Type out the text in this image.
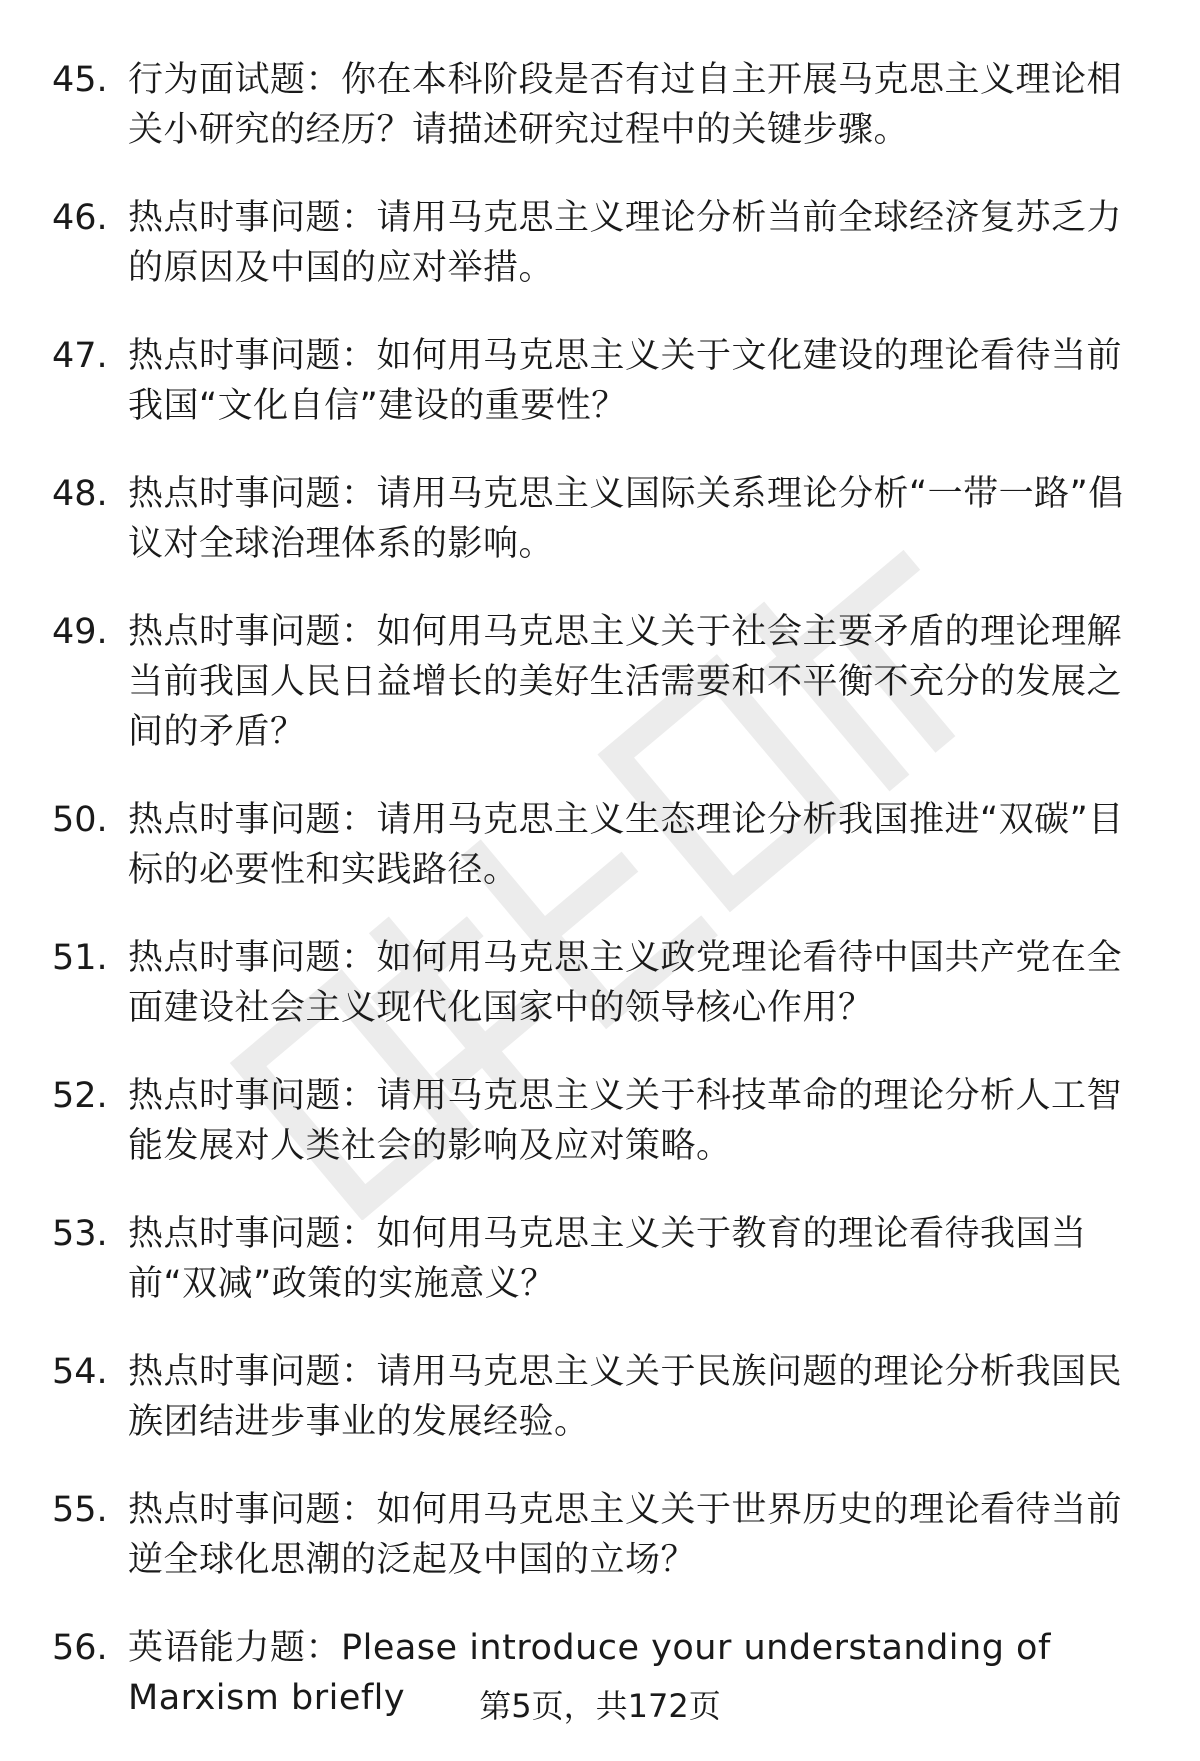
45. 行为面试题：你在本科阶段是否有过自主开展马克思主义理论相关小研究的经历？请描述研究过程中的关键步骤。
46. 热点时事问题：请用马克思主义理论分析当前全球经济复苏乏力的原因及中国的应对举措。
47. 热点时事问题：如何用马克思主义关于文化建设的理论看待当前我国“文化自信”建设的重要性？
48. 热点时事问题：请用马克思主义国际关系理论分析“一带一路”倡议对全球治理体系的影响。
49. 热点时事问题：如何用马克思主义关于社会主要矛盾的理论理解当前我国人民日益增长的美好生活需要和不平衡不充分的发展之间的矛盾？
50. 热点时事问题：请用马克思主义生态理论分析我国推进“双碳”目标的必要性和实践路径。
51. 热点时事问题：如何用马克思主义政党理论看待中国共产党在全面建设社会主义现代化国家中的领导核心作用？
52. 热点时事问题：请用马克思主义关于科技革命的理论分析人工智能发展对人类社会的影响及应对策略。
53. 热点时事问题：如何用马克思主义关于教育的理论看待我国当前“双减”政策的实施意义？
54. 热点时事问题：请用马克思主义关于民族问题的理论分析我国民族团结进步事业的发展经验。
55. 热点时事问题：如何用马克思主义关于世界历史的理论看待当前逆全球化思潮的泛起及中国的立场？
56. 英语能力题：Please introduce your understanding of Marxism briefly	第5页，共172页
